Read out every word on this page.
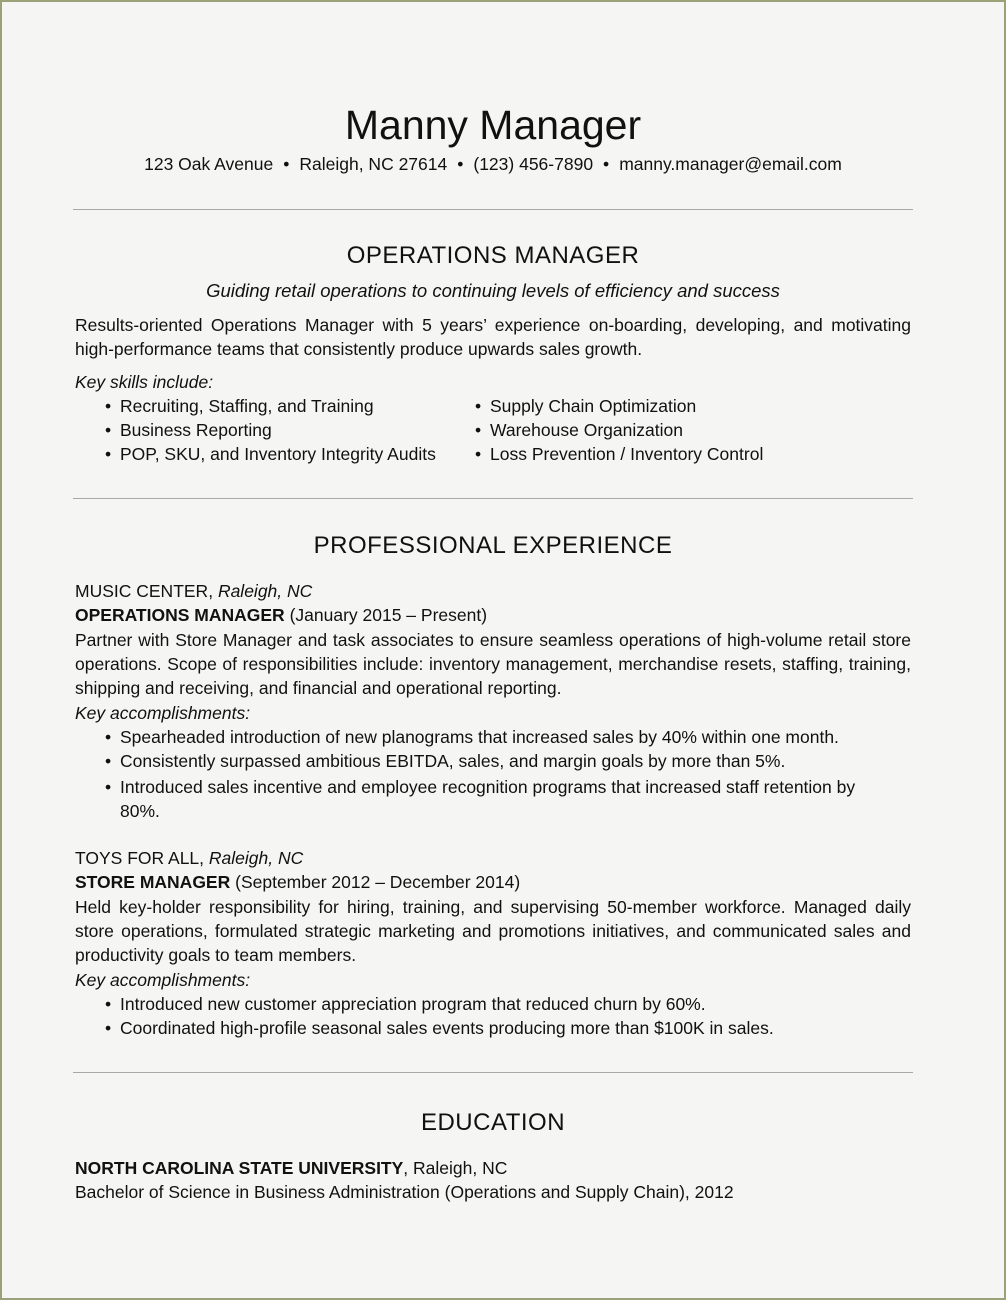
Manny Manager
123 Oak Avenue • Raleigh, NC 27614 • (123) 456-7890 • manny.manager@email.com
OPERATIONS MANAGER
Guiding retail operations to continuing levels of efficiency and success
Results-oriented Operations Manager with 5 years’ experience on-boarding, developing, and motivating high-performance teams that consistently produce upwards sales growth.
Key skills include:
• Recruiting, Staffing, and Training
• Business Reporting
• POP, SKU, and Inventory Integrity Audits
• Supply Chain Optimization
• Warehouse Organization
• Loss Prevention / Inventory Control
PROFESSIONAL EXPERIENCE
MUSIC CENTER, Raleigh, NC
OPERATIONS MANAGER (January 2015 – Present)
Partner with Store Manager and task associates to ensure seamless operations of high-volume retail store operations. Scope of responsibilities include: inventory management, merchandise resets, staffing, training, shipping and receiving, and financial and operational reporting.
Key accomplishments:
• Spearheaded introduction of new planograms that increased sales by 40% within one month.
• Consistently surpassed ambitious EBITDA, sales, and margin goals by more than 5%.
• Introduced sales incentive and employee recognition programs that increased staff retention by 80%.
TOYS FOR ALL, Raleigh, NC
STORE MANAGER (September 2012 – December 2014)
Held key-holder responsibility for hiring, training, and supervising 50-member workforce. Managed daily store operations, formulated strategic marketing and promotions initiatives, and communicated sales and productivity goals to team members.
Key accomplishments:
• Introduced new customer appreciation program that reduced churn by 60%.
• Coordinated high-profile seasonal sales events producing more than $100K in sales.
EDUCATION
NORTH CAROLINA STATE UNIVERSITY, Raleigh, NC
Bachelor of Science in Business Administration (Operations and Supply Chain), 2012
